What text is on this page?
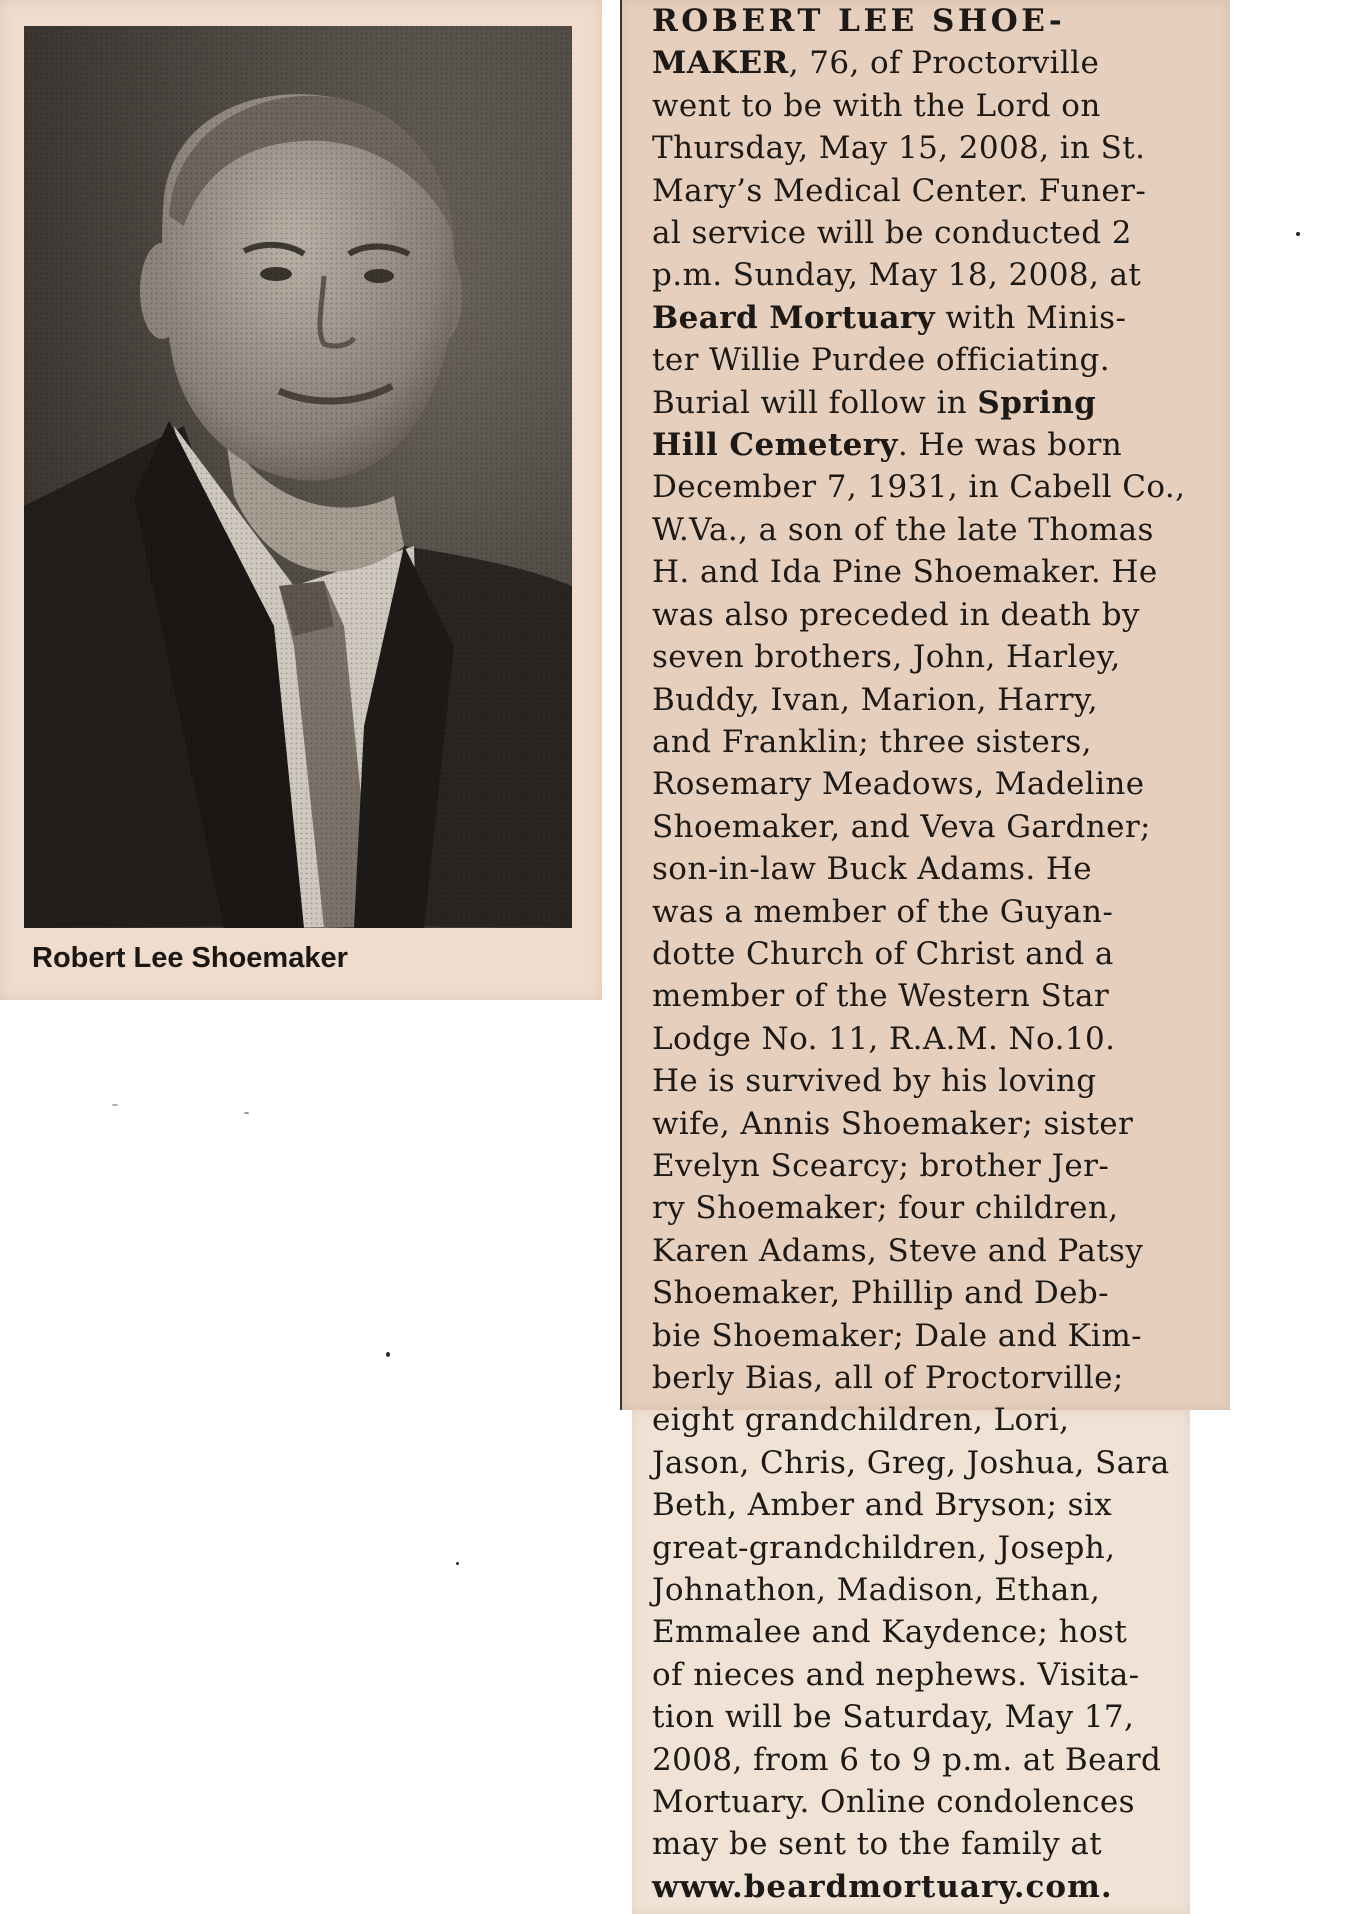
Robert Lee Shoemaker
ROBERT LEE SHOE-
MAKER, 76, of Proctorville
went to be with the Lord on
Thursday, May 15, 2008, in St.
Mary’s Medical Center. Funer-
al service will be conducted 2
p.m. Sunday, May 18, 2008, at
Beard Mortuary with Minis-
ter Willie Purdee officiating.
Burial will follow in Spring
Hill Cemetery. He was born
December 7, 1931, in Cabell Co.,
W.Va., a son of the late Thomas
H. and Ida Pine Shoemaker. He
was also preceded in death by
seven brothers, John, Harley,
Buddy, Ivan, Marion, Harry,
and Franklin; three sisters,
Rosemary Meadows, Madeline
Shoemaker, and Veva Gardner;
son-in-law Buck Adams. He
was a member of the Guyan-
dotte Church of Christ and a
member of the Western Star
Lodge No. 11, R.A.M. No.10.
He is survived by his loving
wife, Annis Shoemaker; sister
Evelyn Scearcy; brother Jer-
ry Shoemaker; four children,
Karen Adams, Steve and Patsy
Shoemaker, Phillip and Deb-
bie Shoemaker; Dale and Kim-
berly Bias, all of Proctorville;
eight grandchildren, Lori,
Jason, Chris, Greg, Joshua, Sara
Beth, Amber and Bryson; six
great-grandchildren, Joseph,
Johnathon, Madison, Ethan,
Emmalee and Kaydence; host
of nieces and nephews. Visita-
tion will be Saturday, May 17,
2008, from 6 to 9 p.m. at Beard
Mortuary. Online condolences
may be sent to the family at
www.beardmortuary.com.
